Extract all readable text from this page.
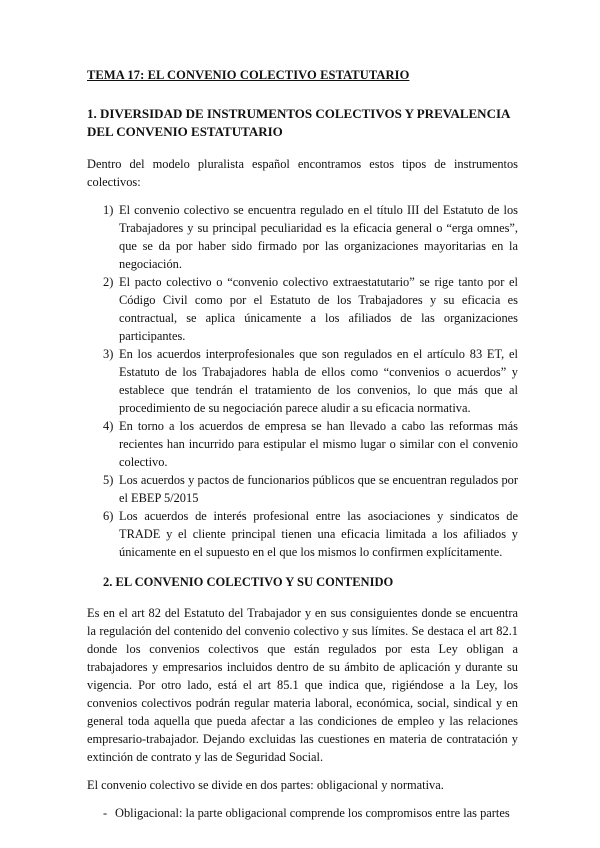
TEMA 17: EL CONVENIO COLECTIVO ESTATUTARIO
1. DIVERSIDAD DE INSTRUMENTOS COLECTIVOS Y PREVALENCIA DEL CONVENIO ESTATUTARIO
Dentro del modelo pluralista español encontramos estos tipos de instrumentos colectivos:
1) El convenio colectivo se encuentra regulado en el título III del Estatuto de los Trabajadores y su principal peculiaridad es la eficacia general o “erga omnes”, que se da por haber sido firmado por las organizaciones mayoritarias en la negociación.
2) El pacto colectivo o “convenio colectivo extraestatutario” se rige tanto por el Código Civil como por el Estatuto de los Trabajadores y su eficacia es contractual, se aplica únicamente a los afiliados de las organizaciones participantes.
3) En los acuerdos interprofesionales que son regulados en el artículo 83 ET, el Estatuto de los Trabajadores habla de ellos como “convenios o acuerdos” y establece que tendrán el tratamiento de los convenios, lo que más que al procedimiento de su negociación parece aludir a su eficacia normativa.
4) En torno a los acuerdos de empresa se han llevado a cabo las reformas más recientes han incurrido para estipular el mismo lugar o similar con el convenio colectivo.
5) Los acuerdos y pactos de funcionarios públicos que se encuentran regulados por el EBEP 5/2015
6) Los acuerdos de interés profesional entre las asociaciones y sindicatos de TRADE y el cliente principal tienen una eficacia limitada a los afiliados y únicamente en el supuesto en el que los mismos lo confirmen explícitamente.
2. EL CONVENIO COLECTIVO Y SU CONTENIDO
Es en el art 82 del Estatuto del Trabajador y en sus consiguientes donde se encuentra la regulación del contenido del convenio colectivo y sus límites. Se destaca el art 82.1 donde los convenios colectivos que están regulados por esta Ley obligan a trabajadores y empresarios incluidos dentro de su ámbito de aplicación y durante su vigencia. Por otro lado, está el art 85.1 que indica que, rigiéndose a la Ley, los convenios colectivos podrán regular materia laboral, económica, social, sindical y en general toda aquella que pueda afectar a las condiciones de empleo y las relaciones empresario-trabajador. Dejando excluidas las cuestiones en materia de contratación y extinción de contrato y las de Seguridad Social.
El convenio colectivo se divide en dos partes: obligacional y normativa.
- Obligacional: la parte obligacional comprende los compromisos entre las partes
